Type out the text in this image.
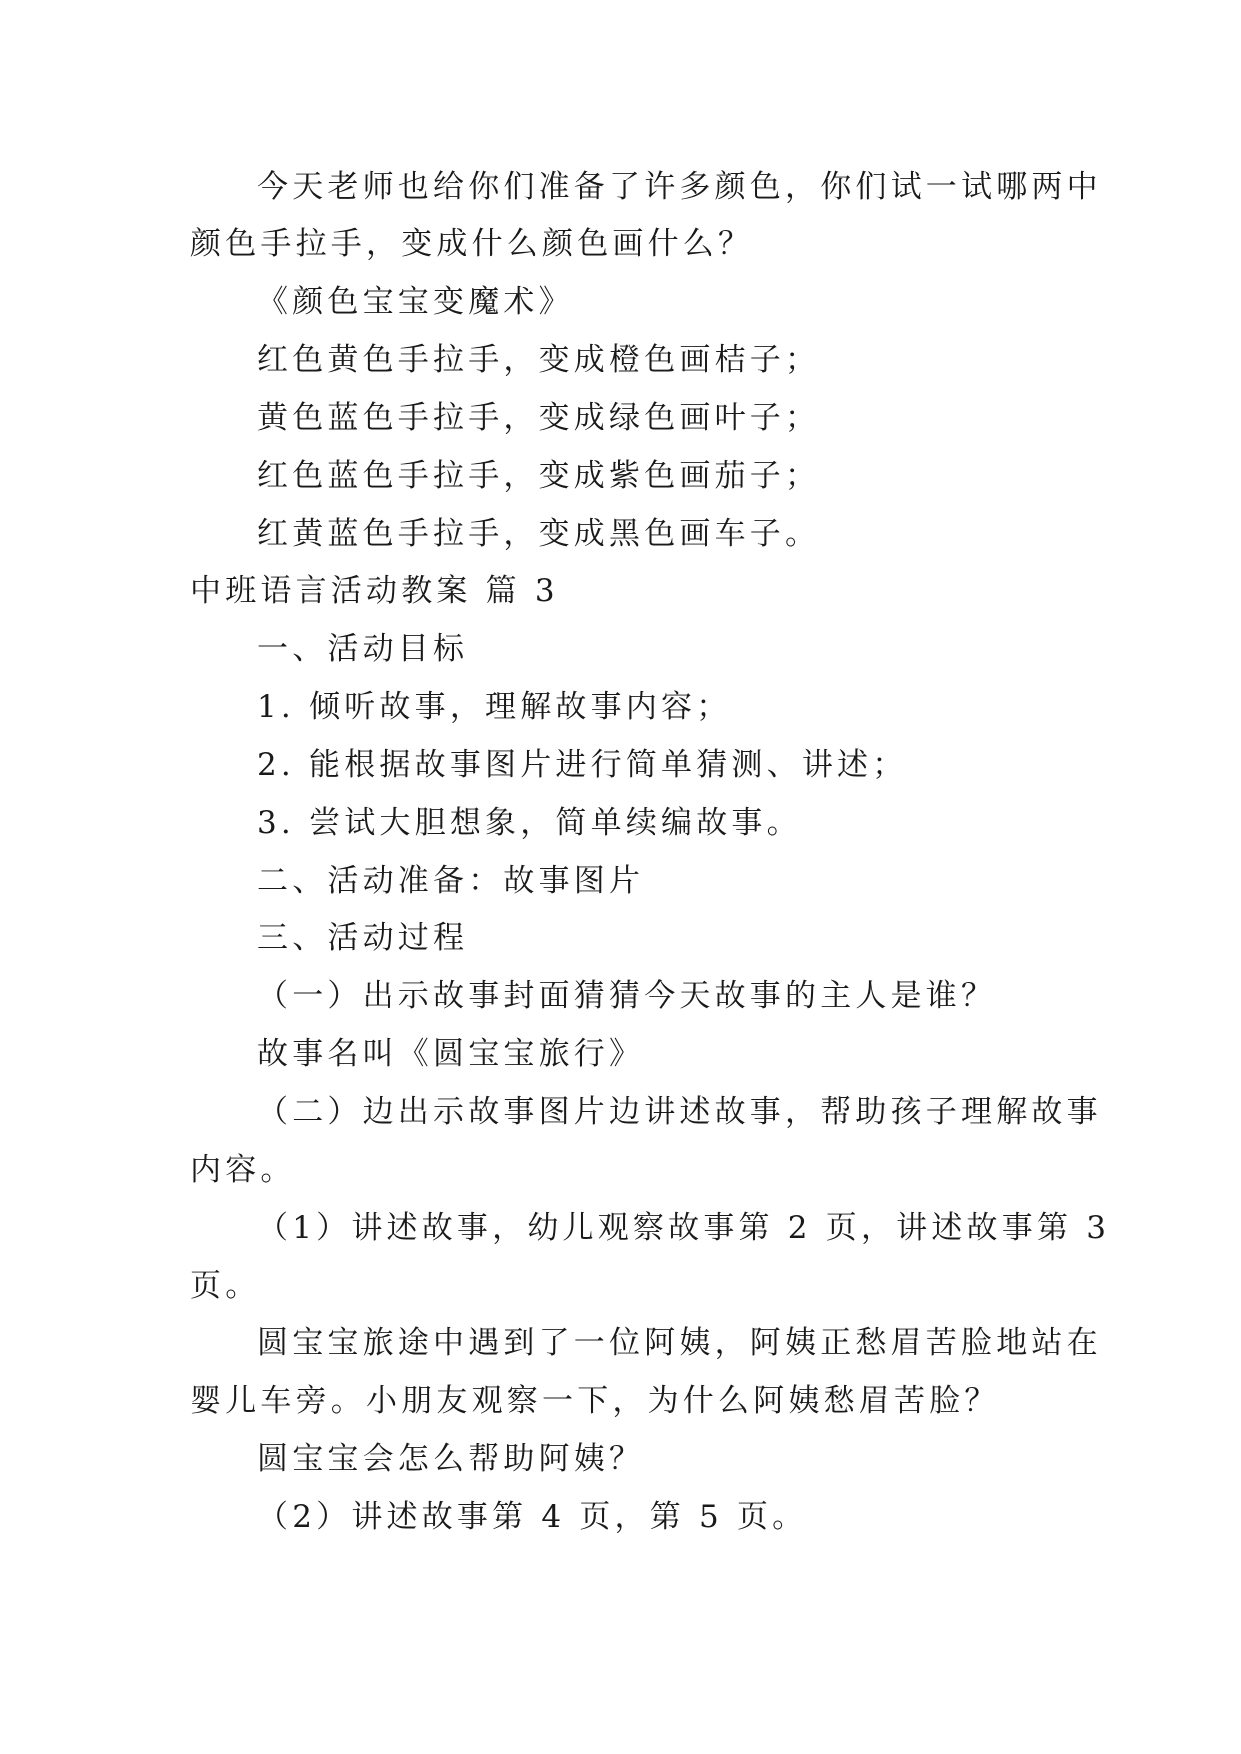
今天老师也给你们准备了许多颜色，你们试一试哪两中
颜色手拉手，变成什么颜色画什么？
《颜色宝宝变魔术》
红色黄色手拉手，变成橙色画桔子；
黄色蓝色手拉手，变成绿色画叶子；
红色蓝色手拉手，变成紫色画茄子；
红黄蓝色手拉手，变成黑色画车子。
中班语言活动教案 篇 3
一、活动目标
1. 倾听故事，理解故事内容；
2. 能根据故事图片进行简单猜测、讲述；
3. 尝试大胆想象，简单续编故事。
二、活动准备：故事图片
三、活动过程
（一）出示故事封面猜猜今天故事的主人是谁？
故事名叫《圆宝宝旅行》
（二）边出示故事图片边讲述故事，帮助孩子理解故事
内容。
（1）讲述故事，幼儿观察故事第 2 页，讲述故事第 3
页。
圆宝宝旅途中遇到了一位阿姨，阿姨正愁眉苦脸地站在
婴儿车旁。小朋友观察一下，为什么阿姨愁眉苦脸？
圆宝宝会怎么帮助阿姨？
（2）讲述故事第 4 页，第 5 页。
